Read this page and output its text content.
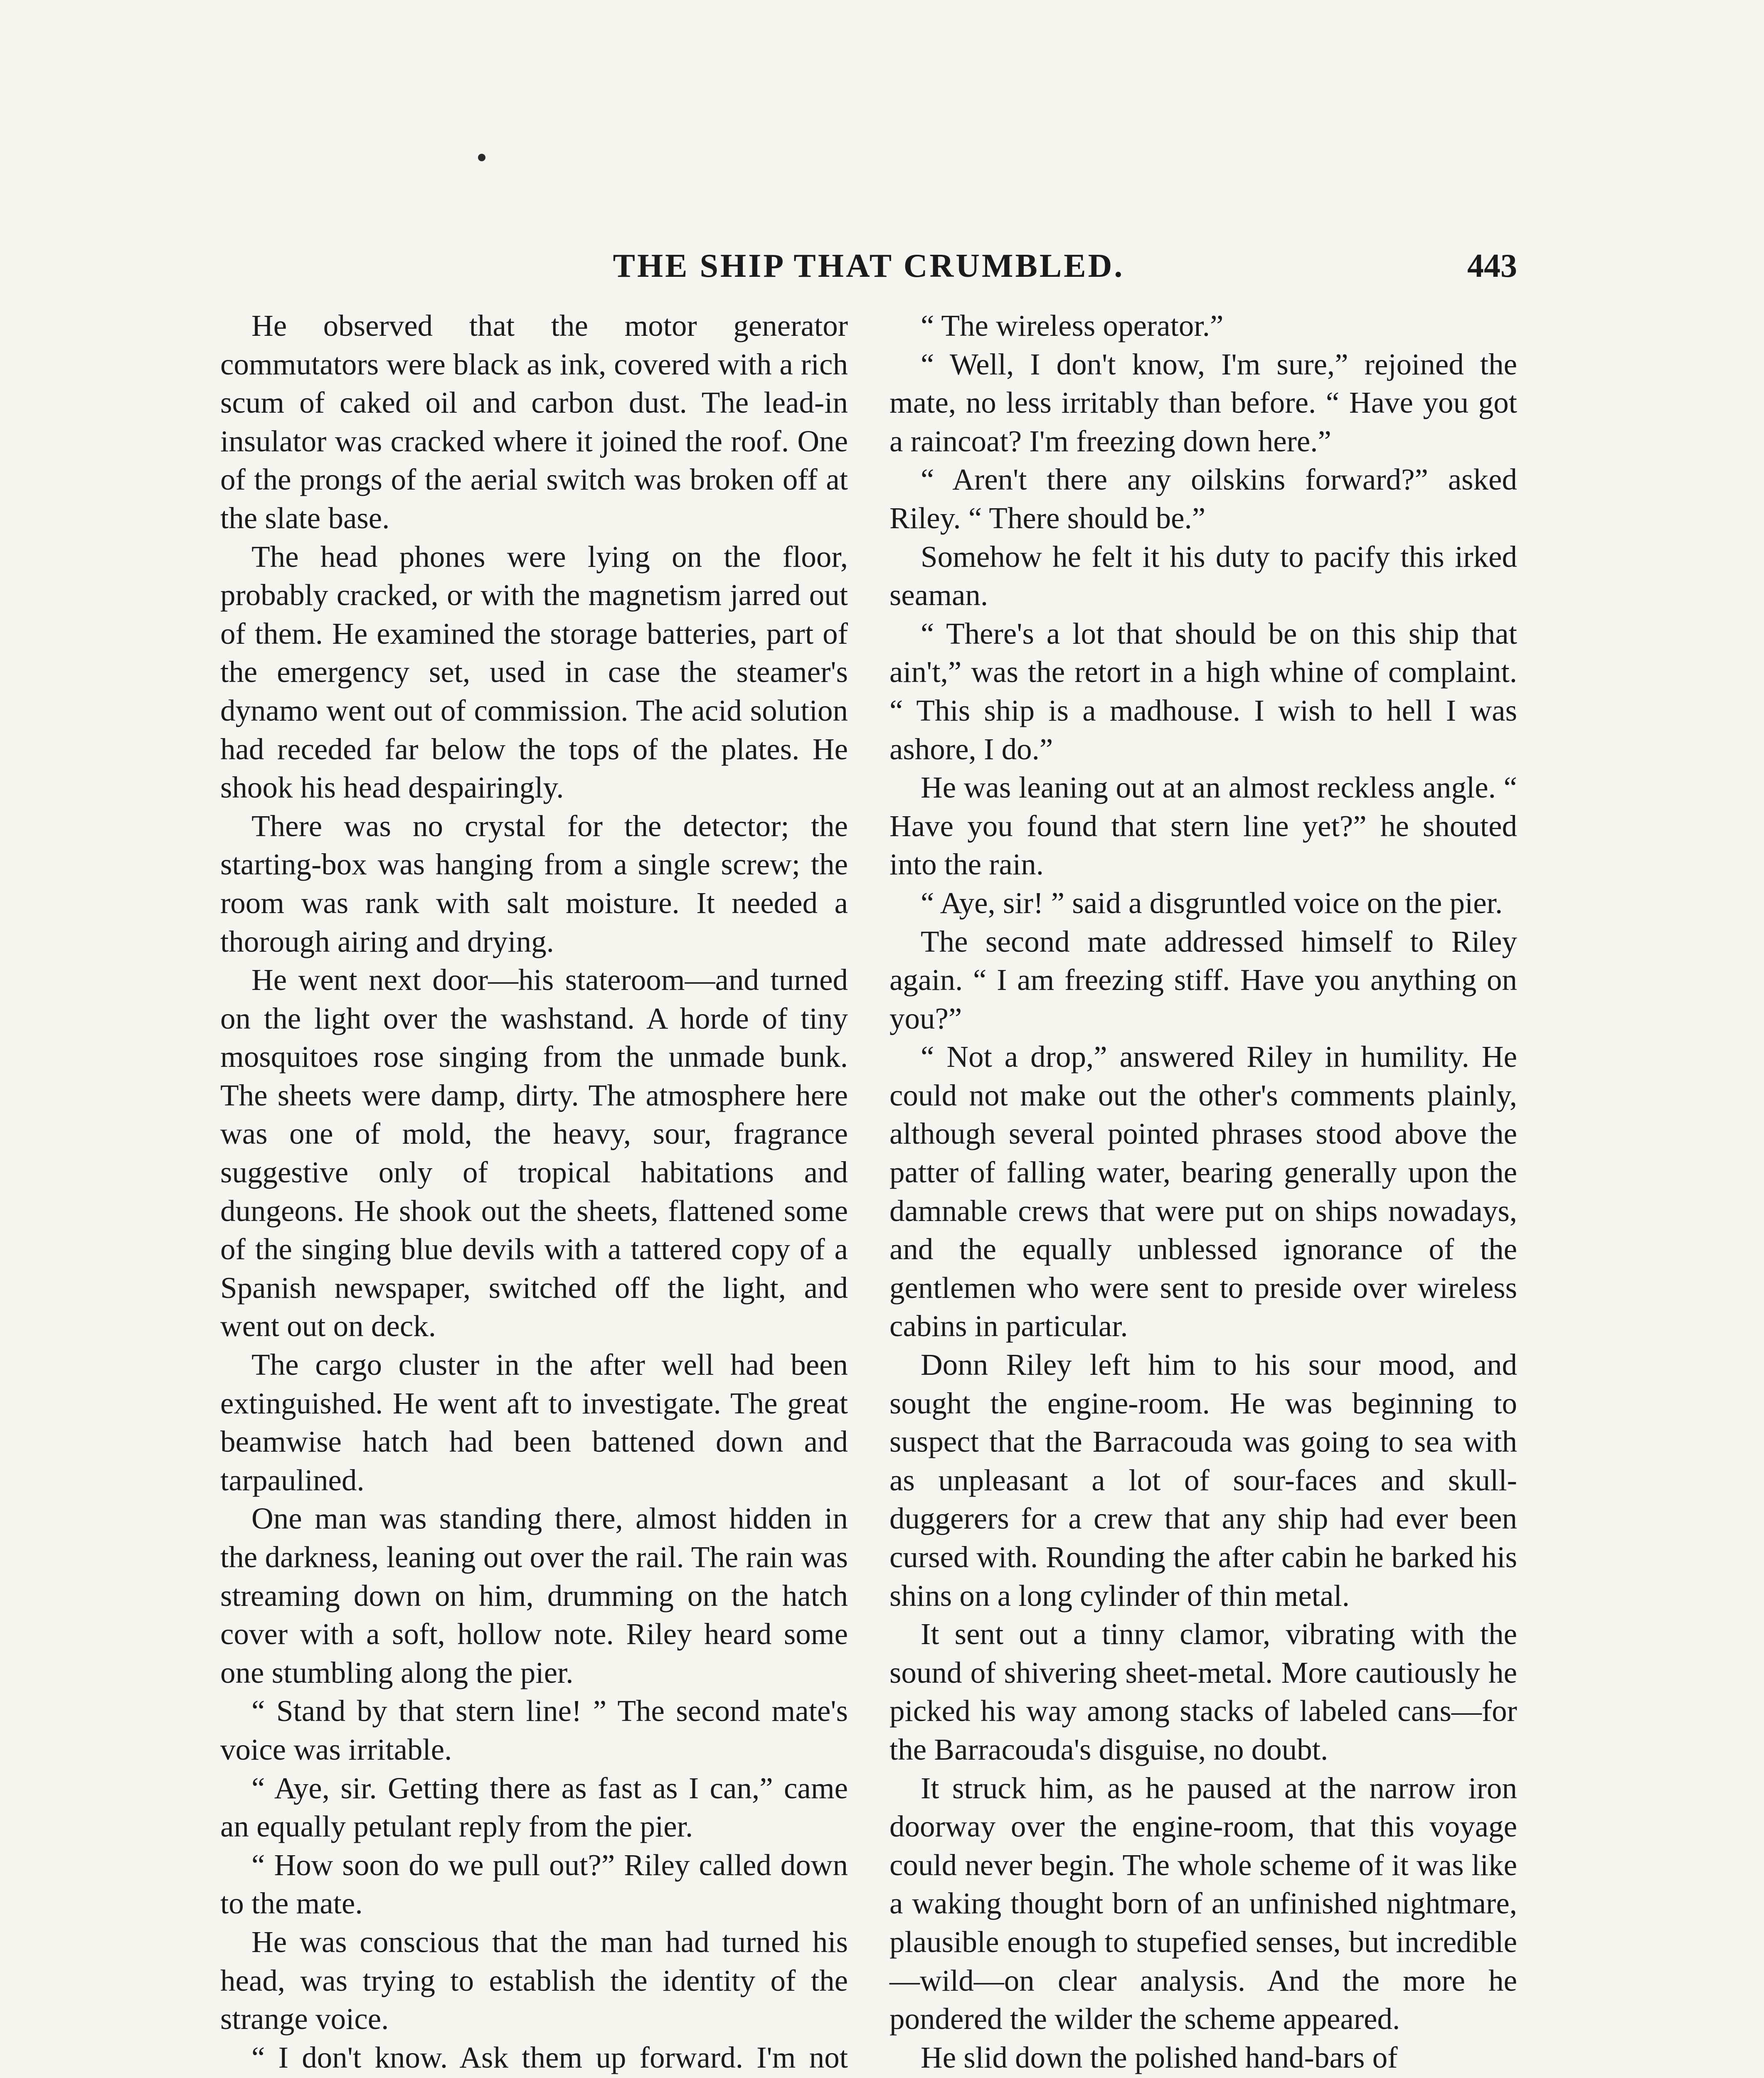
THE SHIP THAT CRUMBLED.	443

He observed that the motor generator commutators were black as ink, covered with a rich scum of caked oil and carbon dust. The lead-in insulator was cracked where it joined the roof. One of the prongs of the aerial switch was broken off at the slate base.

The head phones were lying on the floor, probably cracked, or with the magnetism jarred out of them. He examined the storage batteries, part of the emergency set, used in case the steamer's dynamo went out of commission. The acid solution had receded far below the tops of the plates. He shook his head despairingly.

There was no crystal for the detector; the starting-box was hanging from a single screw; the room was rank with salt moisture. It needed a thorough airing and drying.

He went next door—his stateroom—and turned on the light over the washstand. A horde of tiny mosquitoes rose singing from the unmade bunk. The sheets were damp, dirty. The atmosphere here was one of mold, the heavy, sour, fragrance suggestive only of tropical habitations and dungeons. He shook out the sheets, flattened some of the singing blue devils with a tattered copy of a Spanish newspaper, switched off the light, and went out on deck.

The cargo cluster in the after well had been extinguished. He went aft to investigate. The great beamwise hatch had been battened down and tarpaulined.

One man was standing there, almost hidden in the darkness, leaning out over the rail. The rain was streaming down on him, drumming on the hatch cover with a soft, hollow note. Riley heard some one stumbling along the pier.

“ Stand by that stern line! ” The second mate's voice was irritable.

“ Aye, sir. Getting there as fast as I can,” came an equally petulant reply from the pier.

“ How soon do we pull out?” Riley called down to the mate.

He was conscious that the man had turned his head, was trying to establish the identity of the strange voice.

“ I don't know. Ask them up forward. I'm not

“ The wireless operator.”

“ Well, I don't know, I'm sure,” rejoined the mate, no less irritably than before. “ Have you got a raincoat? I'm freezing down here.”

“ Aren't there any oilskins forward?” asked Riley. “ There should be.”

Somehow he felt it his duty to pacify this irked seaman.

“ There's a lot that should be on this ship that ain't,” was the retort in a high whine of complaint. “ This ship is a madhouse. I wish to hell I was ashore, I do.”

He was leaning out at an almost reckless angle. “ Have you found that stern line yet?” he shouted into the rain.

“ Aye, sir! ” said a disgruntled voice on the pier.

The second mate addressed himself to Riley again. “ I am freezing stiff. Have you anything on you?”

“ Not a drop,” answered Riley in humility. He could not make out the other's comments plainly, although several pointed phrases stood above the patter of falling water, bearing generally upon the damnable crews that were put on ships nowadays, and the equally unblessed ignorance of the gentlemen who were sent to preside over wireless cabins in particular.

Donn Riley left him to his sour mood, and sought the engine-room. He was beginning to suspect that the Barracouda was going to sea with as unpleasant a lot of sour-faces and skull-duggerers for a crew that any ship had ever been cursed with. Rounding the after cabin he barked his shins on a long cylinder of thin metal.

It sent out a tinny clamor, vibrating with the sound of shivering sheet-metal. More cautiously he picked his way among stacks of labeled cans—for the Barracouda's disguise, no doubt.

It struck him, as he paused at the narrow iron doorway over the engine-room, that this voyage could never begin. The whole scheme of it was like a waking thought born of an unfinished nightmare, plausible enough to stupefied senses, but incredible—wild—on clear analysis. And the more he pondered the wilder the scheme appeared.

He slid down the polished hand-bars of
